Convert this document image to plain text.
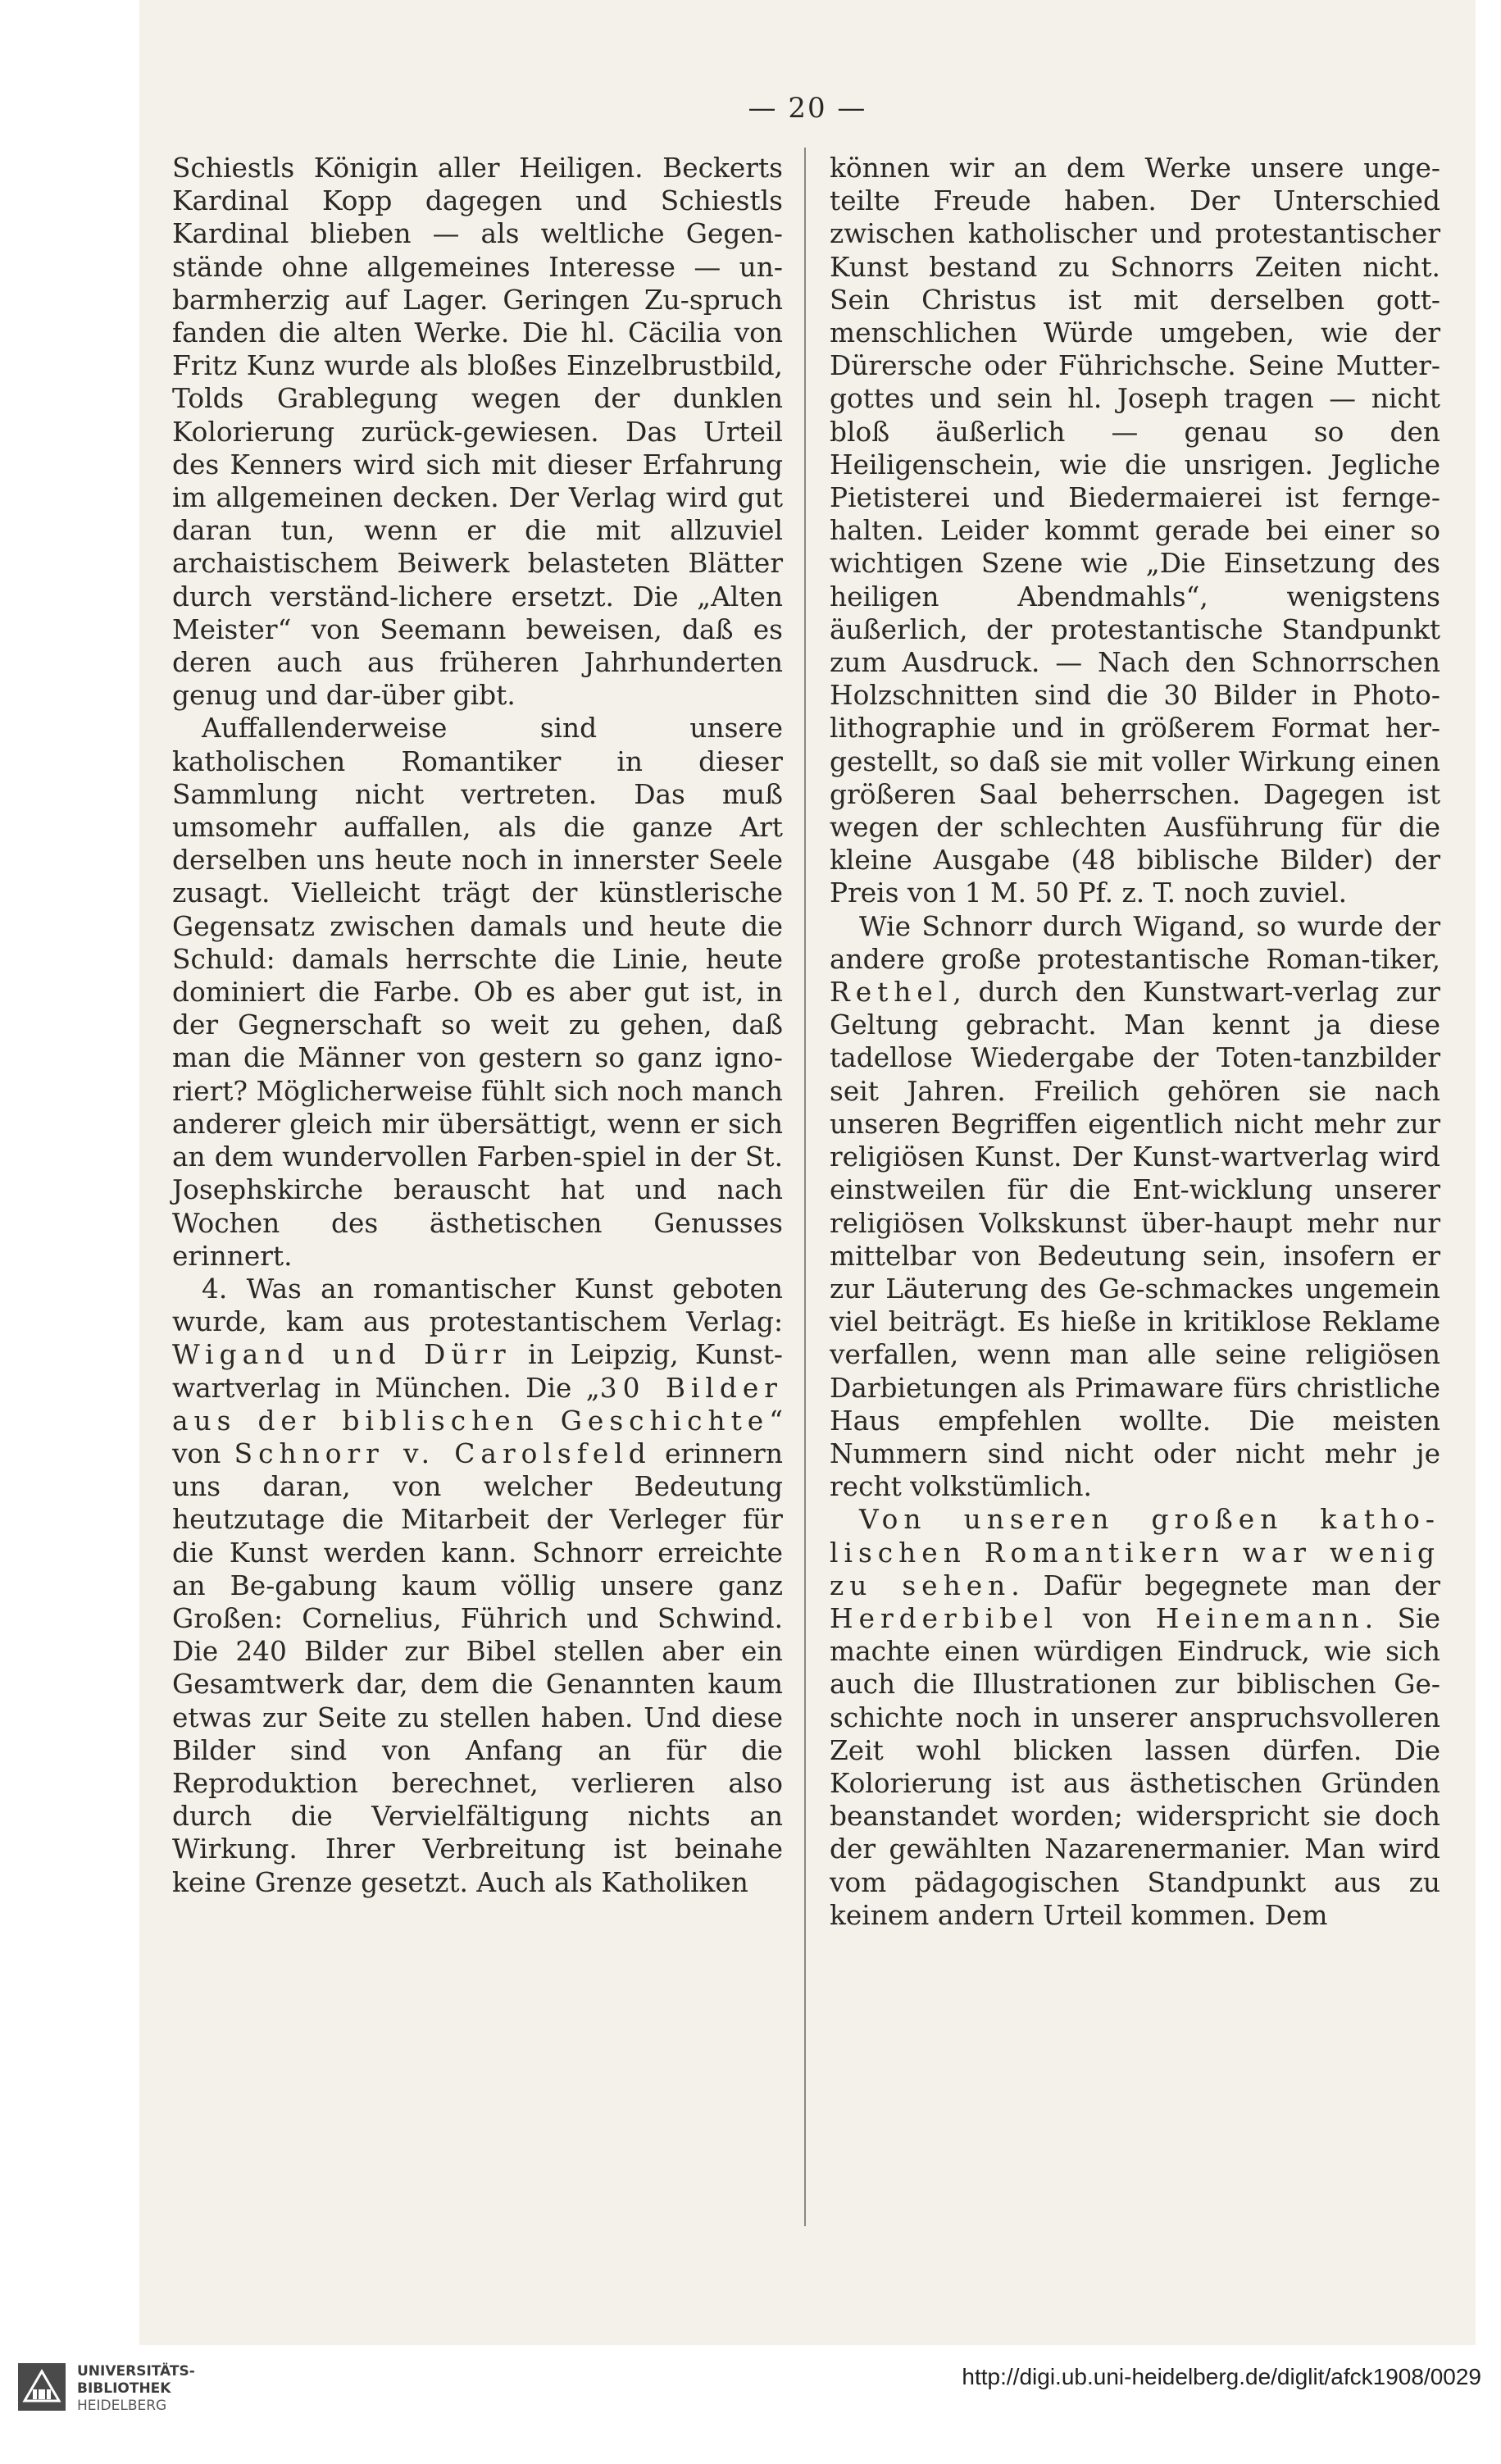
— 20 —

Schiestls Königin aller Heiligen. Beckerts Kardinal Kopp dagegen und Schiestls Kardinal blieben — als weltliche Gegen-stände ohne allgemeines Interesse — un-barmherzig auf Lager. Geringen Zu-spruch fanden die alten Werke. Die hl. Cäcilia von Fritz Kunz wurde als bloßes Einzelbrustbild, Tolds Grablegung wegen der dunklen Kolorierung zurück-gewiesen. Das Urteil des Kenners wird sich mit dieser Erfahrung im allgemeinen decken. Der Verlag wird gut daran tun, wenn er die mit allzuviel archaistischem Beiwerk belasteten Blätter durch verständ-lichere ersetzt. Die „Alten Meister“ von Seemann beweisen, daß es deren auch aus früheren Jahrhunderten genug und dar-über gibt.

Auffallenderweise sind unsere katholischen Romantiker in dieser Sammlung nicht vertreten. Das muß umsomehr auffallen, als die ganze Art derselben uns heute noch in innerster Seele zusagt. Vielleicht trägt der künstlerische Gegensatz zwischen damals und heute die Schuld: damals herrschte die Linie, heute dominiert die Farbe. Ob es aber gut ist, in der Gegnerschaft so weit zu gehen, daß man die Männer von gestern so ganz igno-riert? Möglicherweise fühlt sich noch manch anderer gleich mir übersättigt, wenn er sich an dem wundervollen Farben-spiel in der St. Josephskirche berauscht hat und nach Wochen des ästhetischen Genusses erinnert.

4. Was an romantischer Kunst geboten wurde, kam aus protestantischem Verlag: Wigand und Dürr in Leipzig, Kunst-wartverlag in München. Die „30 Bilder aus der biblischen Geschichte“ von Schnorr v. Carolsfeld erinnern uns daran, von welcher Bedeutung heutzutage die Mitarbeit der Verleger für die Kunst werden kann. Schnorr erreichte an Be-gabung kaum völlig unsere ganz Großen: Cornelius, Führich und Schwind. Die 240 Bilder zur Bibel stellen aber ein Gesamtwerk dar, dem die Genannten kaum etwas zur Seite zu stellen haben. Und diese Bilder sind von Anfang an für die Reproduktion berechnet, verlieren also durch die Vervielfältigung nichts an Wirkung. Ihrer Verbreitung ist beinahe keine Grenze gesetzt. Auch als Katholiken

können wir an dem Werke unsere unge-teilte Freude haben. Der Unterschied zwischen katholischer und protestantischer Kunst bestand zu Schnorrs Zeiten nicht. Sein Christus ist mit derselben gott-menschlichen Würde umgeben, wie der Dürersche oder Führichsche. Seine Mutter-gottes und sein hl. Joseph tragen — nicht bloß äußerlich — genau so den Heiligenschein, wie die unsrigen. Jegliche Pietisterei und Biedermaierei ist fernge-halten. Leider kommt gerade bei einer so wichtigen Szene wie „Die Einsetzung des heiligen Abendmahls“, wenigstens äußerlich, der protestantische Standpunkt zum Ausdruck. — Nach den Schnorrschen Holzschnitten sind die 30 Bilder in Photo-lithographie und in größerem Format her-gestellt, so daß sie mit voller Wirkung einen größeren Saal beherrschen. Dagegen ist wegen der schlechten Ausführung für die kleine Ausgabe (48 biblische Bilder) der Preis von 1 M. 50 Pf. z. T. noch zuviel.

Wie Schnorr durch Wigand, so wurde der andere große protestantische Roman-tiker, Rethel, durch den Kunstwart-verlag zur Geltung gebracht. Man kennt ja diese tadellose Wiedergabe der Toten-tanzbilder seit Jahren. Freilich gehören sie nach unseren Begriffen eigentlich nicht mehr zur religiösen Kunst. Der Kunst-wartverlag wird einstweilen für die Ent-wicklung unserer religiösen Volkskunst über-haupt mehr nur mittelbar von Bedeutung sein, insofern er zur Läuterung des Ge-schmackes ungemein viel beiträgt. Es hieße in kritiklose Reklame verfallen, wenn man alle seine religiösen Darbietungen als Primaware fürs christliche Haus empfehlen wollte. Die meisten Nummern sind nicht oder nicht mehr je recht volkstümlich.

Von unseren großen katho-lischen Romantikern war wenig zu sehen. Dafür begegnete man der Herderbibel von Heinemann. Sie machte einen würdigen Eindruck, wie sich auch die Illustrationen zur biblischen Ge-schichte noch in unserer anspruchsvolleren Zeit wohl blicken lassen dürfen. Die Kolorierung ist aus ästhetischen Gründen beanstandet worden; widerspricht sie doch der gewählten Nazarenermanier. Man wird vom pädagogischen Standpunkt aus zu keinem andern Urteil kommen. Dem

UNIVERSITÄTS-
BIBLIOTHEK
HEIDELBERG
http://digi.ub.uni-heidelberg.de/diglit/afck1908/0029
